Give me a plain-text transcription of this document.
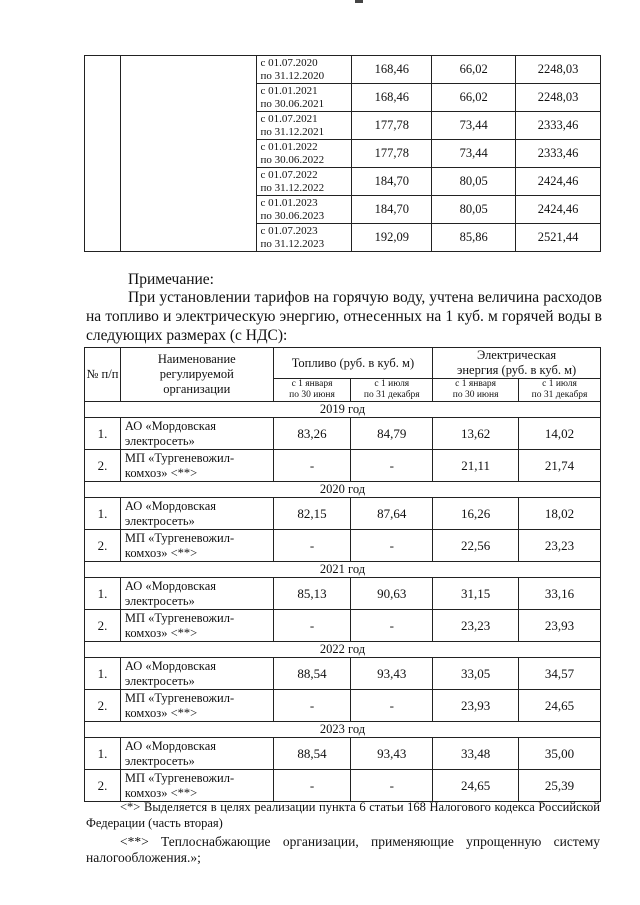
		с 01.07.2020
по 31.12.2020	168,46	66,02	2248,03
		с 01.01.2021
по 30.06.2021	168,46	66,02	2248,03
		с 01.07.2021
по 31.12.2021	177,78	73,44	2333,46
		с 01.01.2022
по 30.06.2022	177,78	73,44	2333,46
		с 01.07.2022
по 31.12.2022	184,70	80,05	2424,46
		с 01.01.2023
по 30.06.2023	184,70	80,05	2424,46
		с 01.07.2023
по 31.12.2023	192,09	85,86	2521,44
Примечание:
При установлении тарифов на горячую воду, учтена величина расходов на топливо и электрическую энергию, отнесенных на 1 куб. м горячей воды в следующих размерах (с НДС):
№ п/п	Наименование регулируемой организации	Топливо (руб. в куб. м)		Электрическая энергия (руб. в куб. м)	
		с 1 января
по 30 июня	с 1 июля
по 31 декабря	с 1 января
по 30 июня	с 1 июля
по 31 декабря
2019 год					
1.	АО «Мордовская электросеть»	83,26	84,79	13,62	14,02
2.	МП «Тургеневожил-комхоз» <**>	-	-	21,11	21,74
2020 год					
1.	АО «Мордовская электросеть»	82,15	87,64	16,26	18,02
2.	МП «Тургеневожил-комхоз» <**>	-	-	22,56	23,23
2021 год					
1.	АО «Мордовская электросеть»	85,13	90,63	31,15	33,16
2.	МП «Тургеневожил-комхоз» <**>	-	-	23,23	23,93
2022 год					
1.	АО «Мордовская электросеть»	88,54	93,43	33,05	34,57
2.	МП «Тургеневожил-комхоз» <**>	-	-	23,93	24,65
2023 год					
1.	АО «Мордовская электросеть»	88,54	93,43	33,48	35,00
2.	МП «Тургеневожил-комхоз» <**>	-	-	24,65	25,39
<*> Выделяется в целях реализации пункта 6 статьи 168 Налогового кодекса Российской Федерации (часть вторая)
<**> Теплоснабжающие организации, применяющие упрощенную систему налогообложения.»;
